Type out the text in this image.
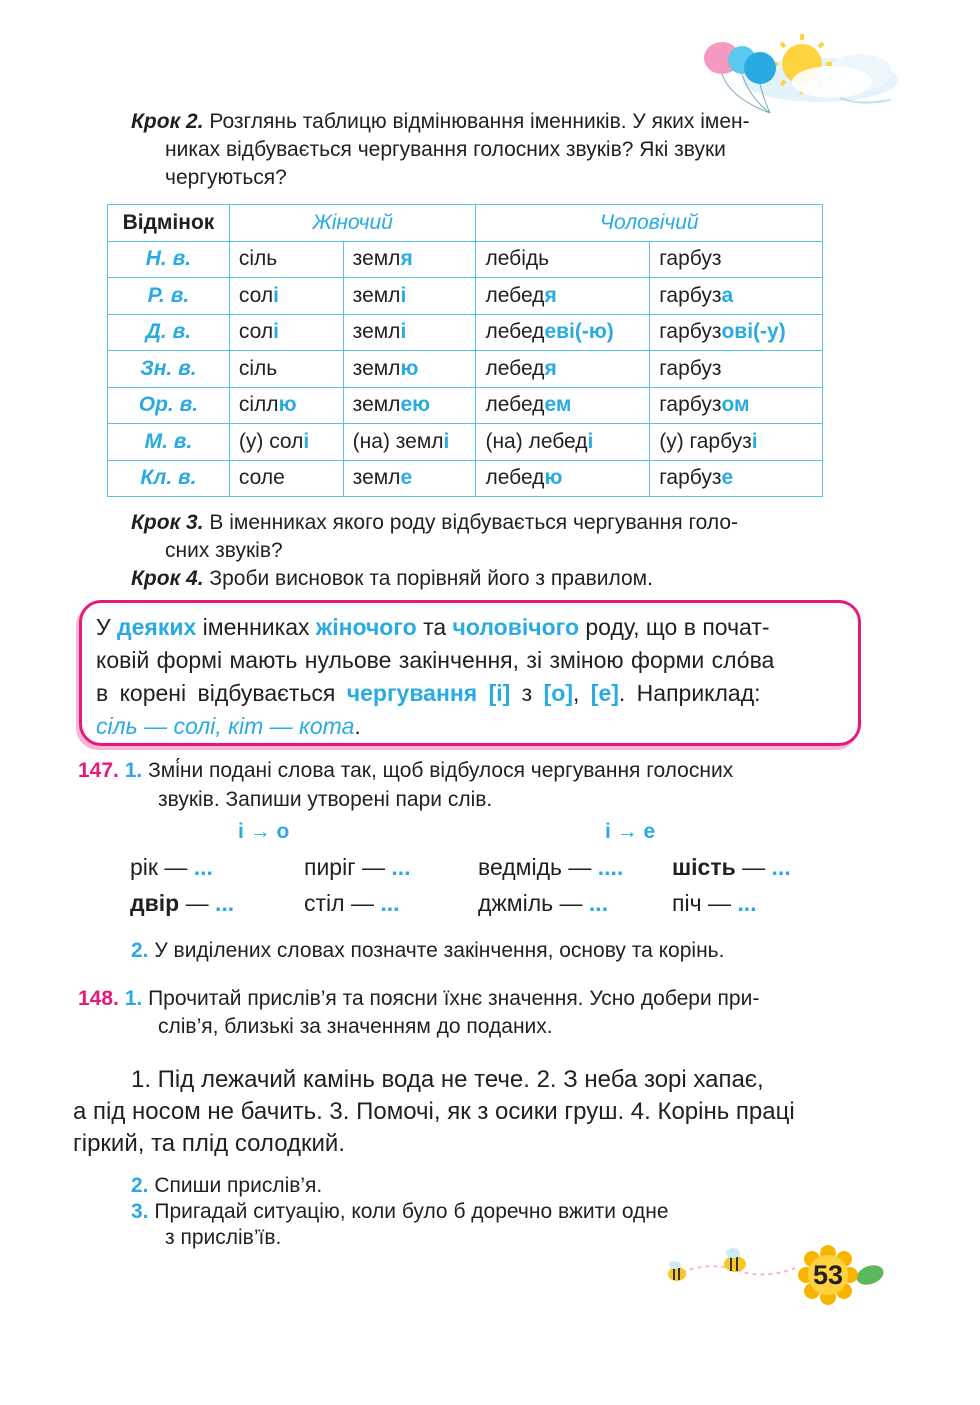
Крок 2. Розглянь таблицю відмінювання іменників. У яких імен-
никах відбувається чергування голосних звуків? Які звуки
чергуються?
Відмінок	Жіночий		Чоловічий	
Н. в.	сіль	земля	лебідь	гарбуз
Р. в.	солі	землі	лебедя	гарбуза
Д. в.	солі	землі	лебедеві(-ю)	гарбузові(-у)
Зн. в.	сіль	землю	лебедя	гарбуз
Ор. в.	сіллю	землею	лебедем	гарбузом
М. в.	(у) солі	(на) землі	(на) лебеді	(у) гарбузі
Кл. в.	соле	земле	лебедю	гарбузе
Крок 3. В іменниках якого роду відбувається чергування голо-
сних звуків?
Крок 4. Зроби висновок та порівняй його з правилом.
У деяких іменниках жіночого та чоловічого роду, що в почат-
ковій формі мають нульове закінчення, зі зміною форми сло́ва
в корені відбувається чергування [і] з [о], [е]. Наприклад:
сіль — солі, кіт — кота.
147. 1. Змі́ни подані слова так, щоб відбулося чергування голосних
звуків. Запиши утворені пари слів.
і → о	і → е
рік — ...	пиріг — ...	ведмідь — .... шість — ...
двір — ...	стіл — ...	джміль — ...	піч — ...
2. У виділених словах позначте закінчення, основу та корінь.
148. 1. Прочитай прислів’я та поясни їхнє значення. Усно добери при-
слів’я, близькі за значенням до поданих.
1. Під лежачий камінь вода не тече. 2. З неба зорі хапає,
а під носом не бачить. 3. Помочі, як з осики груш. 4. Корінь праці
гіркий, та плід солодкий.
2. Спиши прислів’я.
3. Пригадай ситуацію, коли було б доречно вжити одне
з прислів’їв.
53
